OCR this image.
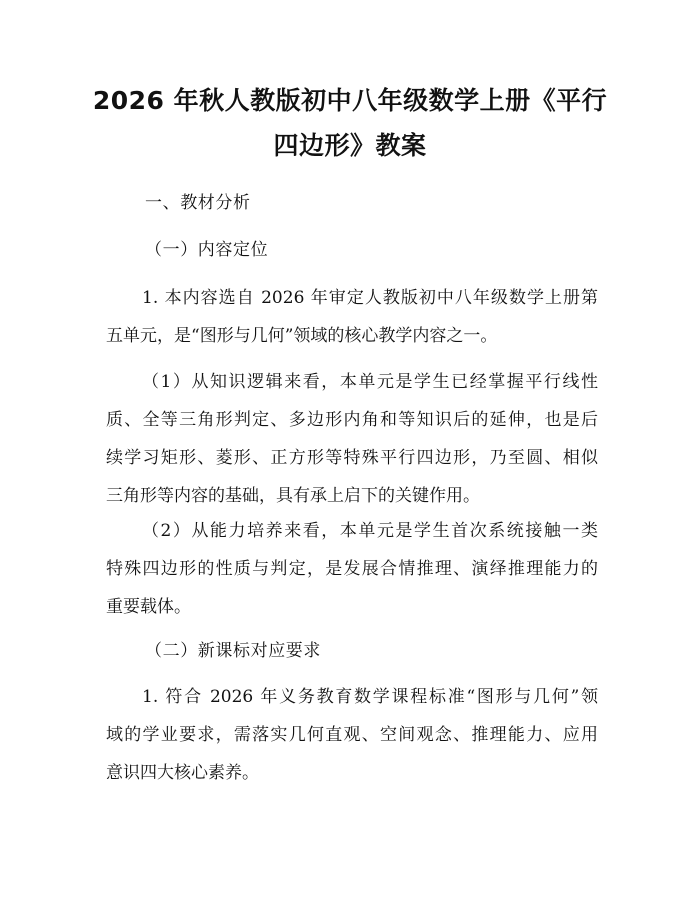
2026 年秋人教版初中八年级数学上册《平行
四边形》教案

一、教材分析

（一）内容定位

1. 本内容选自 2026 年审定人教版初中八年级数学上册第
五单元，是“图形与几何”领域的核心教学内容之一。
（1）从知识逻辑来看，本单元是学生已经掌握平行线性
质、全等三角形判定、多边形内角和等知识后的延伸，也是后
续学习矩形、菱形、正方形等特殊平行四边形，乃至圆、相似
三角形等内容的基础，具有承上启下的关键作用。
（2）从能力培养来看，本单元是学生首次系统接触一类
特殊四边形的性质与判定，是发展合情推理、演绎推理能力的
重要载体。

（二）新课标对应要求

1. 符合 2026 年义务教育数学课程标准“图形与几何”领
域的学业要求，需落实几何直观、空间观念、推理能力、应用
意识四大核心素养。
